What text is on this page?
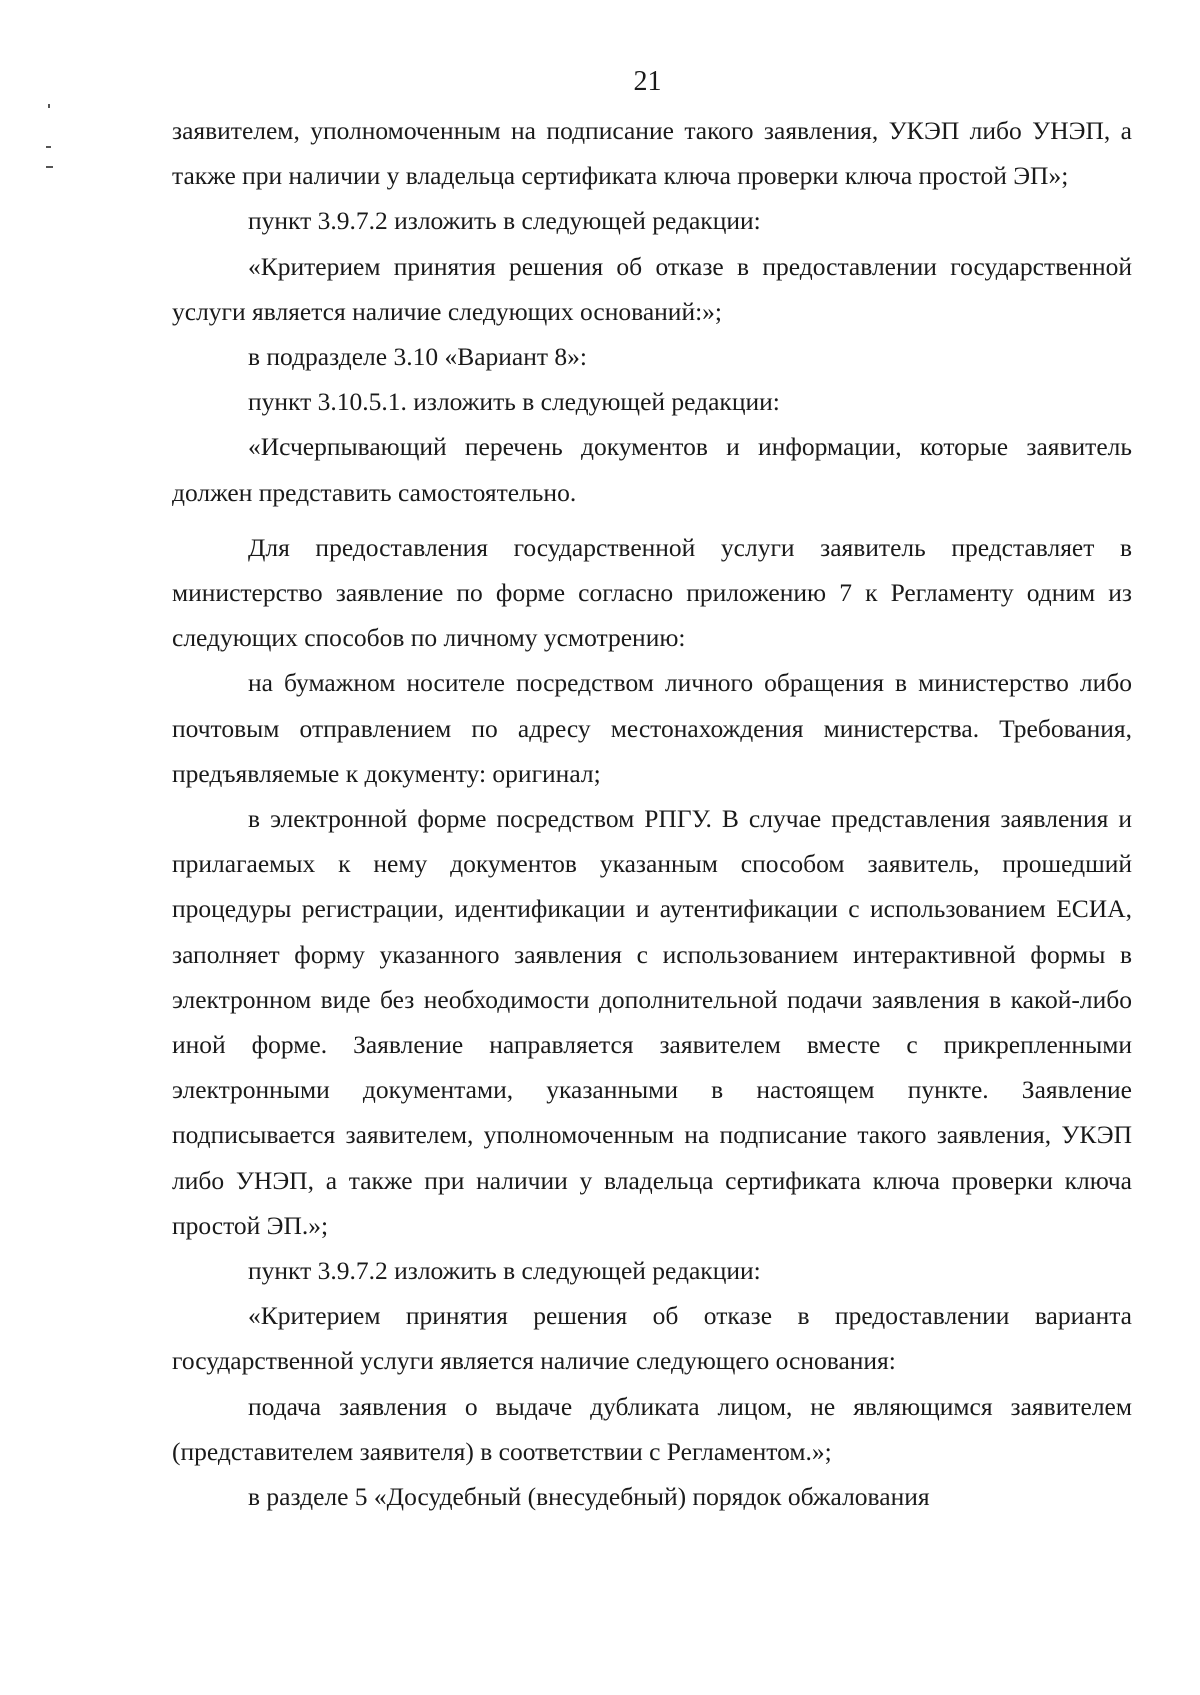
21

заявителем, уполномоченным на подписание такого заявления, УКЭП либо УНЭП, а также при наличии у владельца сертификата ключа проверки ключа простой ЭП»;

пункт 3.9.7.2 изложить в следующей редакции:

«Критерием принятия решения об отказе в предоставлении государственной услуги является наличие следующих оснований:»;

в подразделе 3.10 «Вариант 8»:

пункт 3.10.5.1. изложить в следующей редакции:

«Исчерпывающий перечень документов и информации, которые заявитель должен представить самостоятельно.

Для предоставления государственной услуги заявитель представляет в министерство заявление по форме согласно приложению 7 к Регламенту одним из следующих способов по личному усмотрению:

на бумажном носителе посредством личного обращения в министерство либо почтовым отправлением по адресу местонахождения министерства. Требования, предъявляемые к документу: оригинал;

в электронной форме посредством РПГУ. В случае представления заявления и прилагаемых к нему документов указанным способом заявитель, прошедший процедуры регистрации, идентификации и аутентификации с использованием ЕСИА, заполняет форму указанного заявления с использованием интерактивной формы в электронном виде без необходимости дополнительной подачи заявления в какой-либо иной форме. Заявление направляется заявителем вместе с прикрепленными электронными документами, указанными в настоящем пункте. Заявление подписывается заявителем, уполномоченным на подписание такого заявления, УКЭП либо УНЭП, а также при наличии у владельца сертификата ключа проверки ключа простой ЭП.»;

пункт 3.9.7.2 изложить в следующей редакции:

«Критерием принятия решения об отказе в предоставлении варианта государственной услуги является наличие следующего основания:

подача заявления о выдаче дубликата лицом, не являющимся заявителем (представителем заявителя) в соответствии с Регламентом.»;

в разделе 5 «Досудебный (внесудебный) порядок обжалования
